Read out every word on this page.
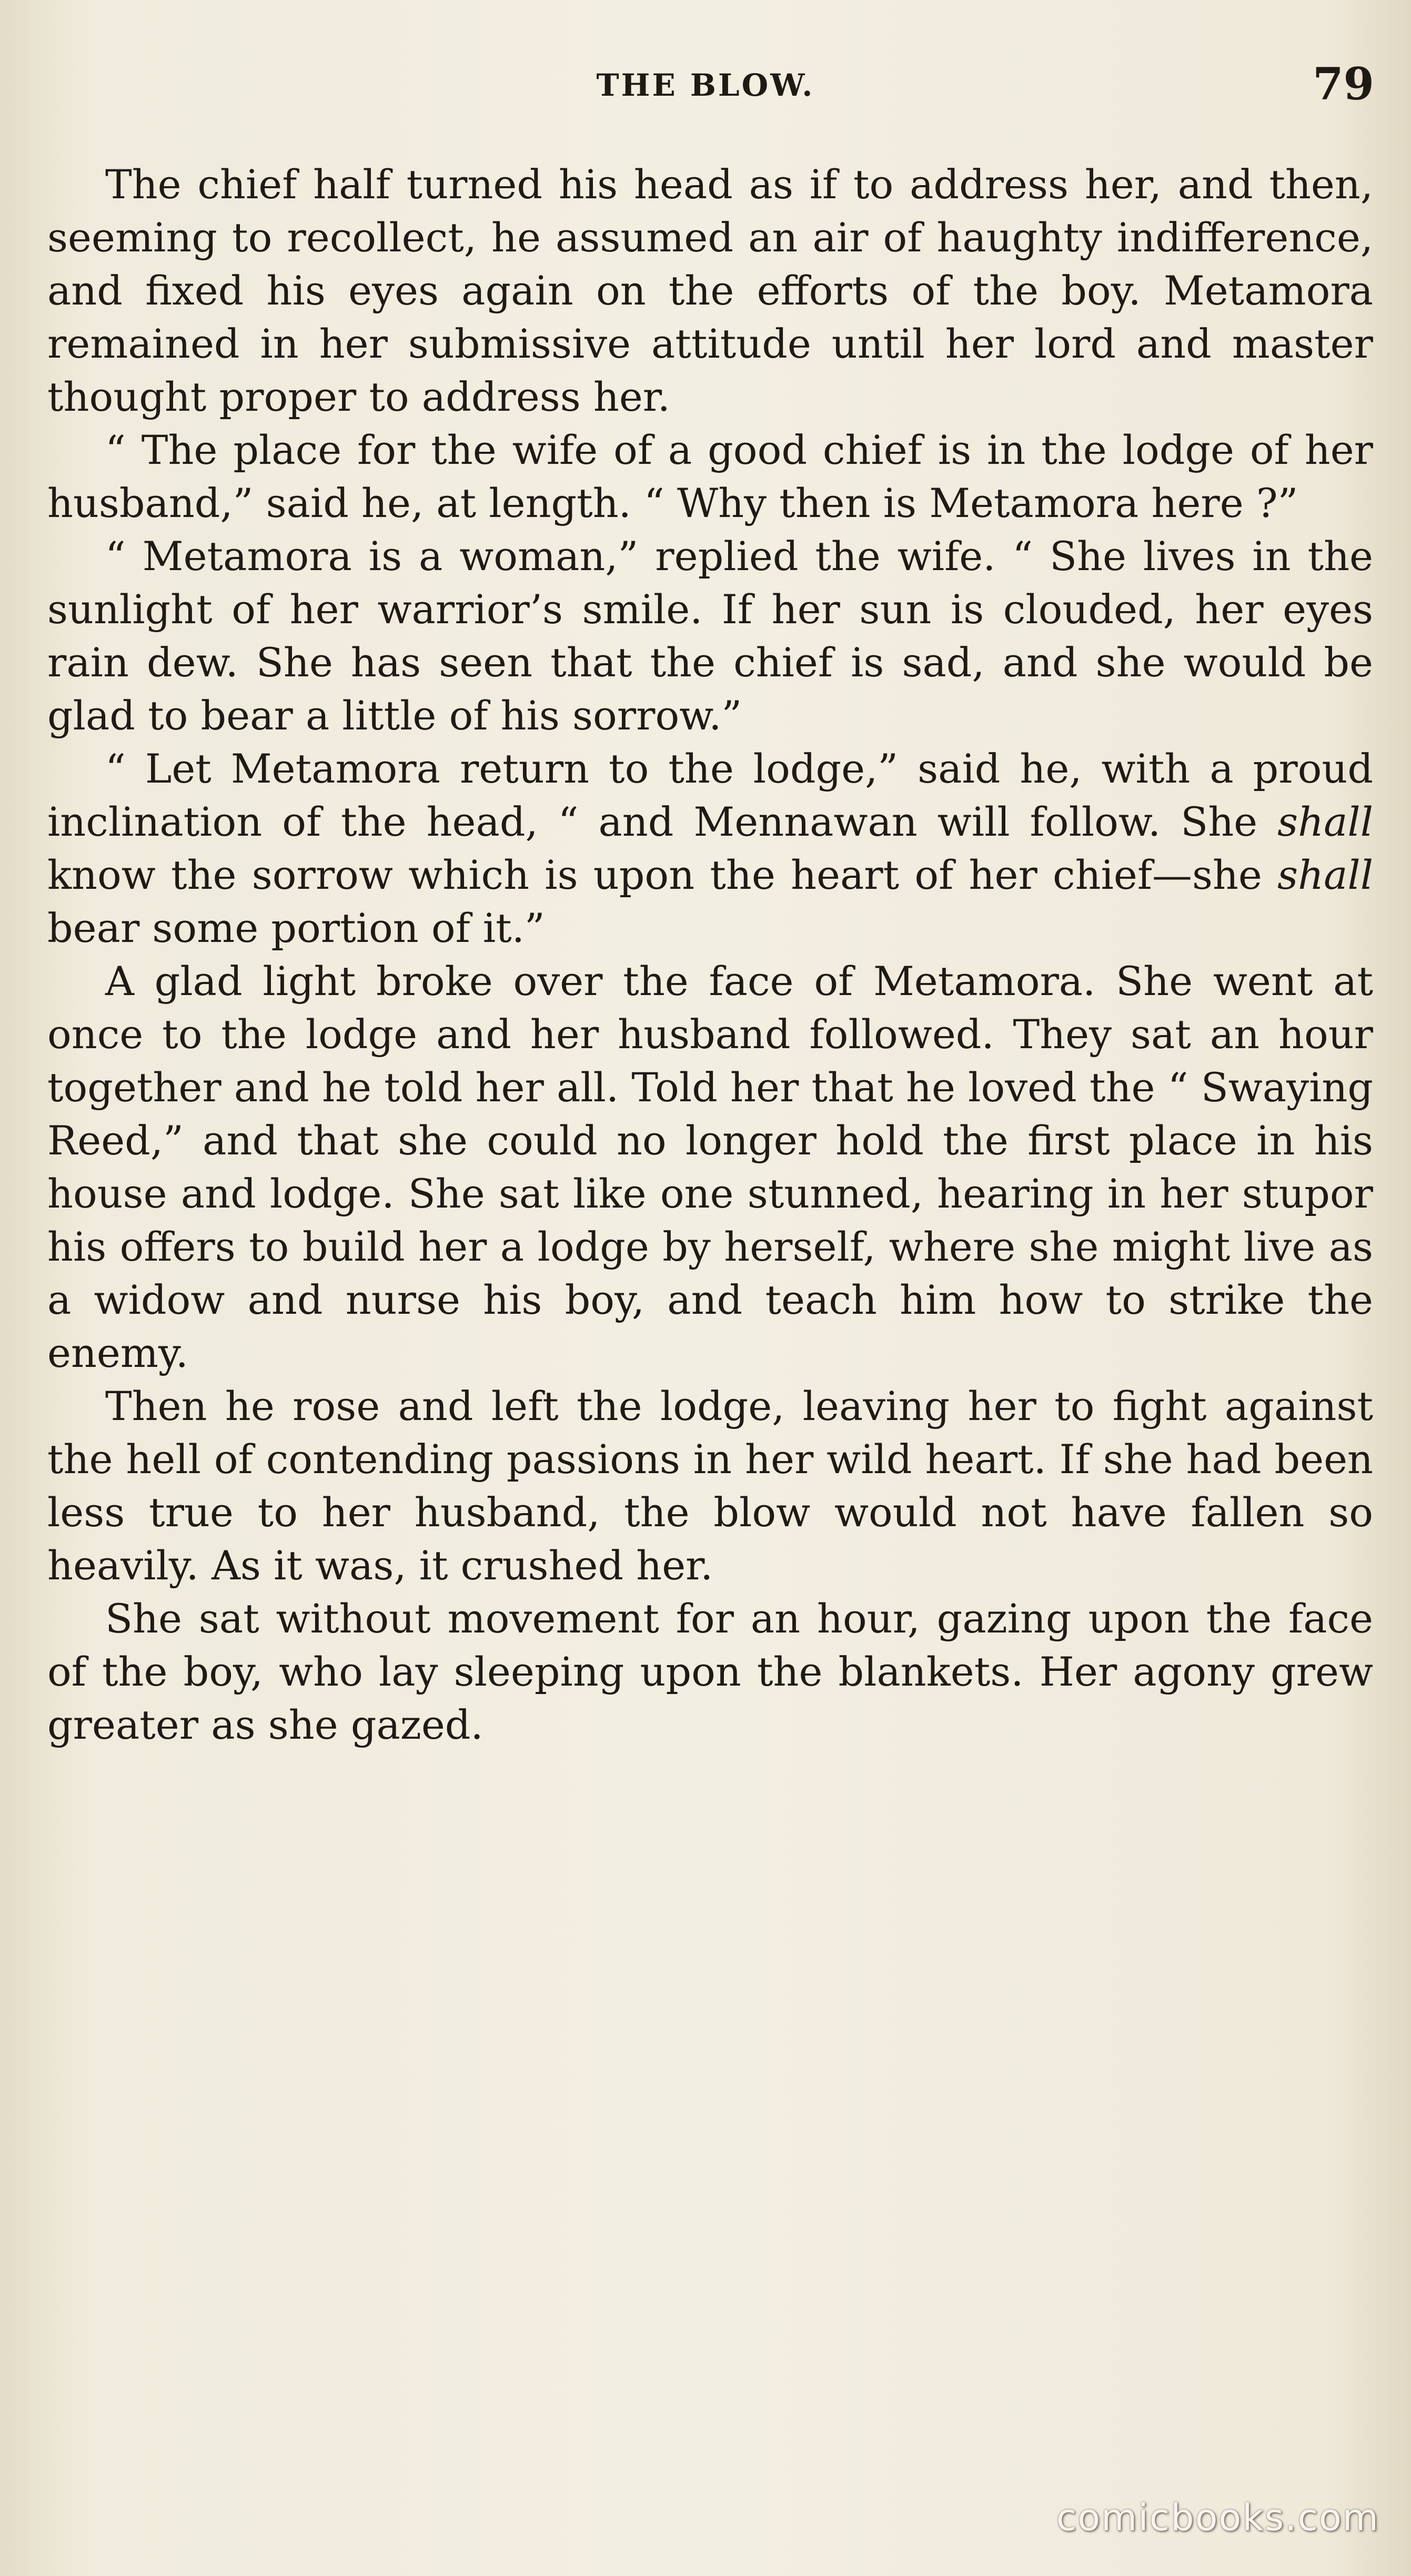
THE BLOW.	79

The chief half turned his head as if to address her, and then, seeming to recollect, he assumed an air of haughty indifference, and fixed his eyes again on the efforts of the boy. Metamora remained in her submissive attitude until her lord and master thought proper to address her.

“ The place for the wife of a good chief is in the lodge of her husband,” said he, at length. “ Why then is Metamora here ?”

“ Metamora is a woman,” replied the wife. “ She lives in the sunlight of her warrior’s smile. If her sun is clouded, her eyes rain dew. She has seen that the chief is sad, and she would be glad to bear a little of his sorrow.”

“ Let Metamora return to the lodge,” said he, with a proud inclination of the head, “ and Mennawan will follow. She shall know the sorrow which is upon the heart of her chief—she shall bear some portion of it.”

A glad light broke over the face of Metamora. She went at once to the lodge and her husband followed. They sat an hour together and he told her all. Told her that he loved the “ Swaying Reed,” and that she could no longer hold the first place in his house and lodge. She sat like one stunned, hearing in her stupor his offers to build her a lodge by herself, where she might live as a widow and nurse his boy, and teach him how to strike the enemy.

Then he rose and left the lodge, leaving her to fight against the hell of contending passions in her wild heart. If she had been less true to her husband, the blow would not have fallen so heavily. As it was, it crushed her.

She sat without movement for an hour, gazing upon the face of the boy, who lay sleeping upon the blankets. Her agony grew greater as she gazed.

comicbooks.com
